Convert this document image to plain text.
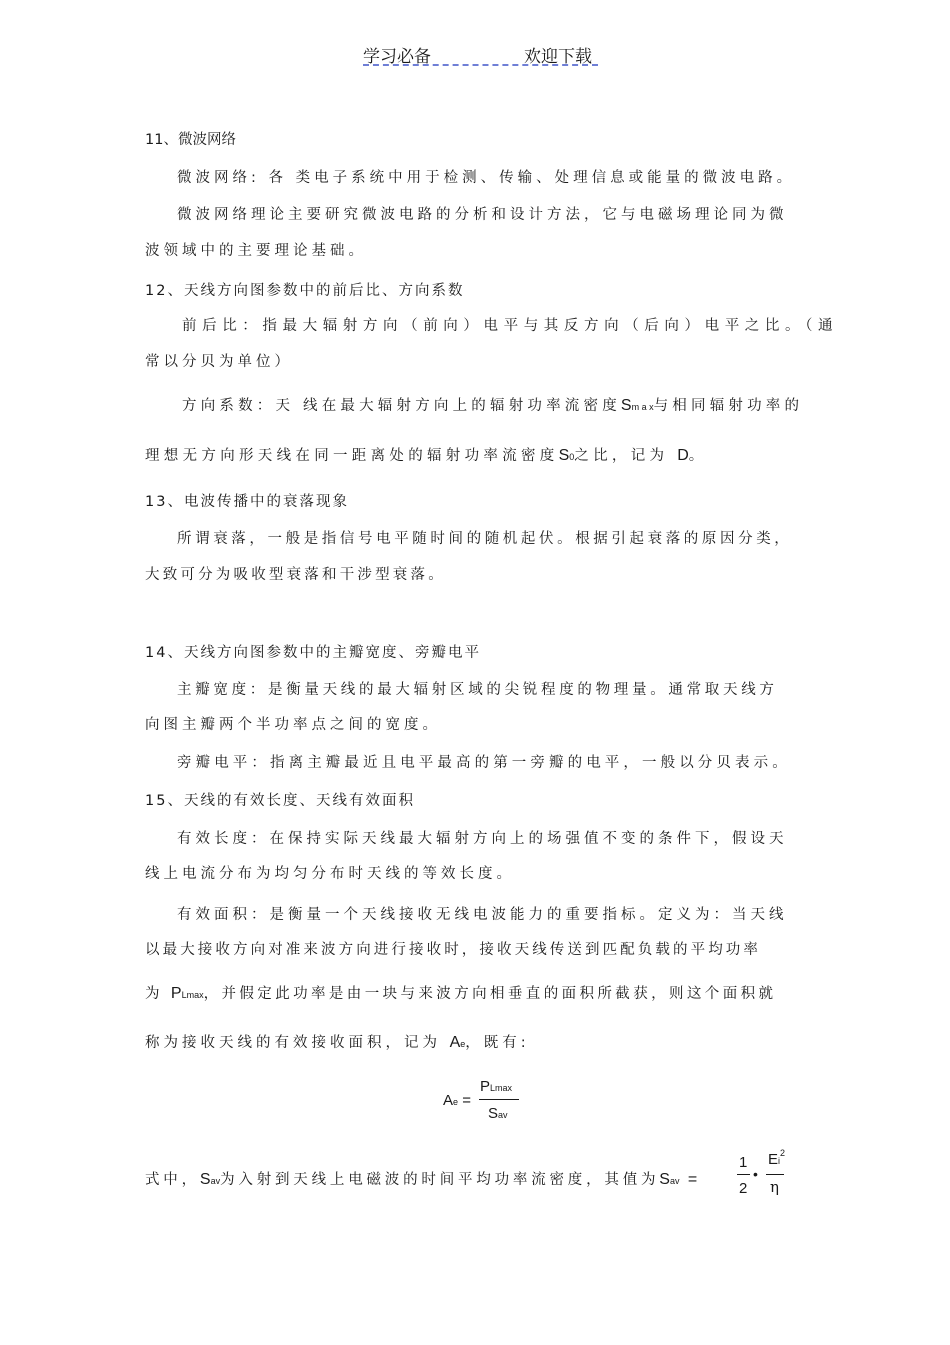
学习必备	欢迎下载
11、微波网络
微波网络: 各 类电子系统中用于检测、传输、处理信息或能量的微波电路。
微波网络理论主要研究微波电路的分析和设计方法，它与电磁场理论同为微
波领域中的主要理论基础。
12、天线方向图参数中的前后比、方向系数
前后比：指最大辐射方向（前向）电平与其反方向（后向）电平之比。（通
常以分贝为单位）
方向系数：天 线在最大辐射方向上的辐射功率流密度Sm a x与相同辐射功率的
理想无方向形天线在同一距离处的辐射功率流密度S0之比，记为 D。
13、电波传播中的衰落现象
所谓衰落，一般是指信号电平随时间的随机起伏。根据引起衰落的原因分类，
大致可分为吸收型衰落和干涉型衰落。
14、天线方向图参数中的主瓣宽度、旁瓣电平
主瓣宽度：是衡量天线的最大辐射区域的尖锐程度的物理量。通常取天线方
向图主瓣两个半功率点之间的宽度。
旁瓣电平：指离主瓣最近且电平最高的第一旁瓣的电平，一般以分贝表示。
15、天线的有效长度、天线有效面积
有效长度：在保持实际天线最大辐射方向上的场强值不变的条件下，假设天
线上电流分布为均匀分布时天线的等效长度。
有效面积：是衡量一个天线接收无线电波能力的重要指标。定义为：当天线
以最大接收方向对准来波方向进行接收时，接收天线传送到匹配负载的平均功率
为 PLmax，并假定此功率是由一块与来波方向相垂直的面积所截获，则这个面积就
称为接收天线的有效接收面积，记为 Ae，既有:
Ae =
PLmax
Sav
式中，Sav为入射到天线上电磁波的时间平均功率流密度，其值为Sav =
1
2
•
Ei$^2$
η
